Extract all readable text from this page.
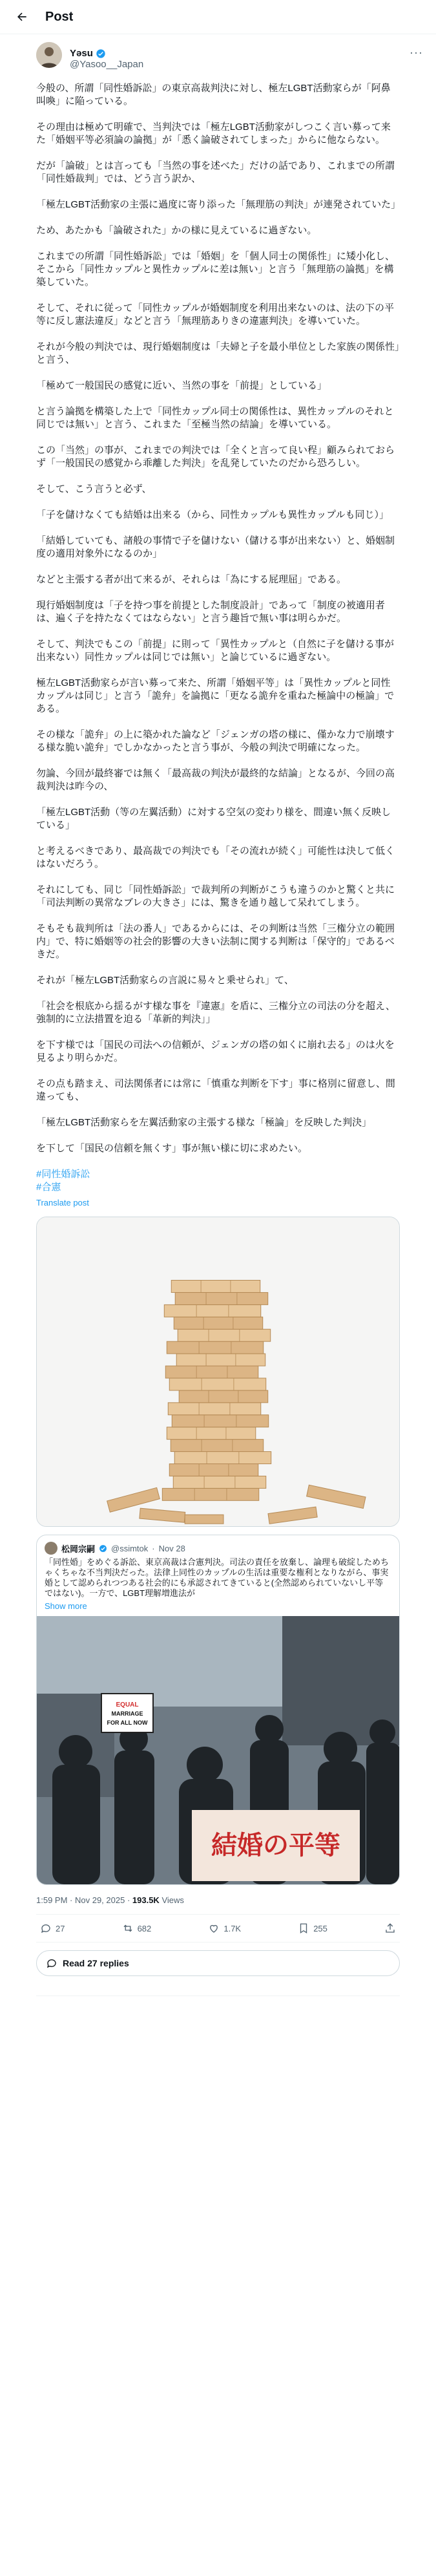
Post
Yəsu
@Yasoo__Japan
···

今般の、所謂「同性婚訴訟」の東京高裁判決に対し、極左LGBT活動家らが「阿鼻叫喚」に陥っている。

その理由は極めて明確で、当判決では「極左LGBT活動家がしつこく言い募って来た「婚姻平等必須論の論拠」が「悉く論破されてしまった」からに他ならない。

だが「論破」とは言っても「当然の事を述べた」だけの話であり、これまでの所謂「同性婚裁判」では、どう言う訳か、

「極左LGBT活動家の主張に過度に寄り添った「無理筋の判決」が連発されていた」

ため、あたかも「論破された」かの様に見えているに過ぎない。

これまでの所謂「同性婚訴訟」では「婚姻」を「個人同士の関係性」に矮小化し、そこから「同性カップルと異性カップルに差は無い」と言う「無理筋の論拠」を構築していた。

そして、それに従って「同性カップルが婚姻制度を利用出来ないのは、法の下の平等に反し憲法違反」などと言う「無理筋ありきの違憲判決」を導いていた。

それが今般の判決では、現行婚姻制度は「夫婦と子を最小単位とした家族の関係性」と言う、

「極めて一般国民の感覚に近い、当然の事を「前提」としている」

と言う論拠を構築した上で「同性カップル同士の関係性は、異性カップルのそれと同じでは無い」と言う、これまた「至極当然の結論」を導いている。

この「当然」の事が、これまでの判決では「全くと言って良い程」顧みられておらず「一般国民の感覚から乖離した判決」を乱発していたのだから恐ろしい。

そして、こう言うと必ず、

「子を儲けなくても結婚は出来る（から、同性カップルも異性カップルも同じ）」

「結婚していても、諸般の事情で子を儲けない（儲ける事が出来ない）と、婚姻制度の適用対象外になるのか」

などと主張する者が出て来るが、それらは「為にする屁理屈」である。

現行婚姻制度は「子を持つ事を前提とした制度設計」であって「制度の被適用者は、遍く子を持たなくてはならない」と言う趣旨で無い事は明らかだ。

そして、判決でもこの「前提」に則って「異性カップルと（自然に子を儲ける事が出来ない）同性カップルは同じでは無い」と論じているに過ぎない。

極左LGBT活動家らが言い募って来た、所謂「婚姻平等」は「異性カップルと同性カップルは同じ」と言う「詭弁」を論拠に「更なる詭弁を重ねた極論中の極論」である。

その様な「詭弁」の上に築かれた論など「ジェンガの塔の様に、僅かな力で崩壊する様な脆い詭弁」でしかなかったと言う事が、今般の判決で明確になった。

勿論、今回が最終審では無く「最高裁の判決が最終的な結論」となるが、今回の高裁判決は昨今の、

「極左LGBT活動（等の左翼活動）に対する空気の変わり様を、間違い無く反映している」

と考えるべきであり、最高裁での判決でも「その流れが続く」可能性は決して低くはないだろう。

それにしても、同じ「同性婚訴訟」で裁判所の判断がこうも違うのかと驚くと共に「司法判断の異常なブレの大きさ」には、驚きを通り越して呆れてしまう。

そもそも裁判所は「法の番人」であるからには、その判断は当然「三権分立の範囲内」で、特に婚姻等の社会的影響の大きい法制に関する判断は「保守的」であるべきだ。

それが「極左LGBT活動家らの言説に易々と乗せられ」て、

「社会を根底から揺るがす様な事を『違憲』を盾に、三権分立の司法の分を超え、強制的に立法措置を迫る「革新的判決」」

を下す様では「国民の司法への信頼が、ジェンガの塔の如くに崩れ去る」のは火を見るより明らかだ。

その点も踏まえ、司法関係者には常に「慎重な判断を下す」事に格別に留意し、間違っても、

「極左LGBT活動家らを左翼活動家の主張する様な「極論」を反映した判決」

を下して「国民の信頼を無くす」事が無い様に切に求めたい。

#同性婚訴訟
#合憲
Translate post
松岡宗嗣 @ssimtok · Nov 28
「同性婚」をめぐる訴訟、東京高裁は合憲判決。司法の責任を放棄し、論理も破綻しためちゃくちゃな不当判決だった。法律上同性のカップルの生活は重要な権利となりながら、事実婚として認められつつある社会的にも承認されてきていると(全然認められていないし平等ではない)。一方で、LGBT理解増進法が
Show more
EQUAL
MARRIAGE
FOR ALL NOW
結婚の平等
1:59 PM · Nov 29, 2025 · 193.5K Views
27	682	1.7K	255
Read 27 replies
